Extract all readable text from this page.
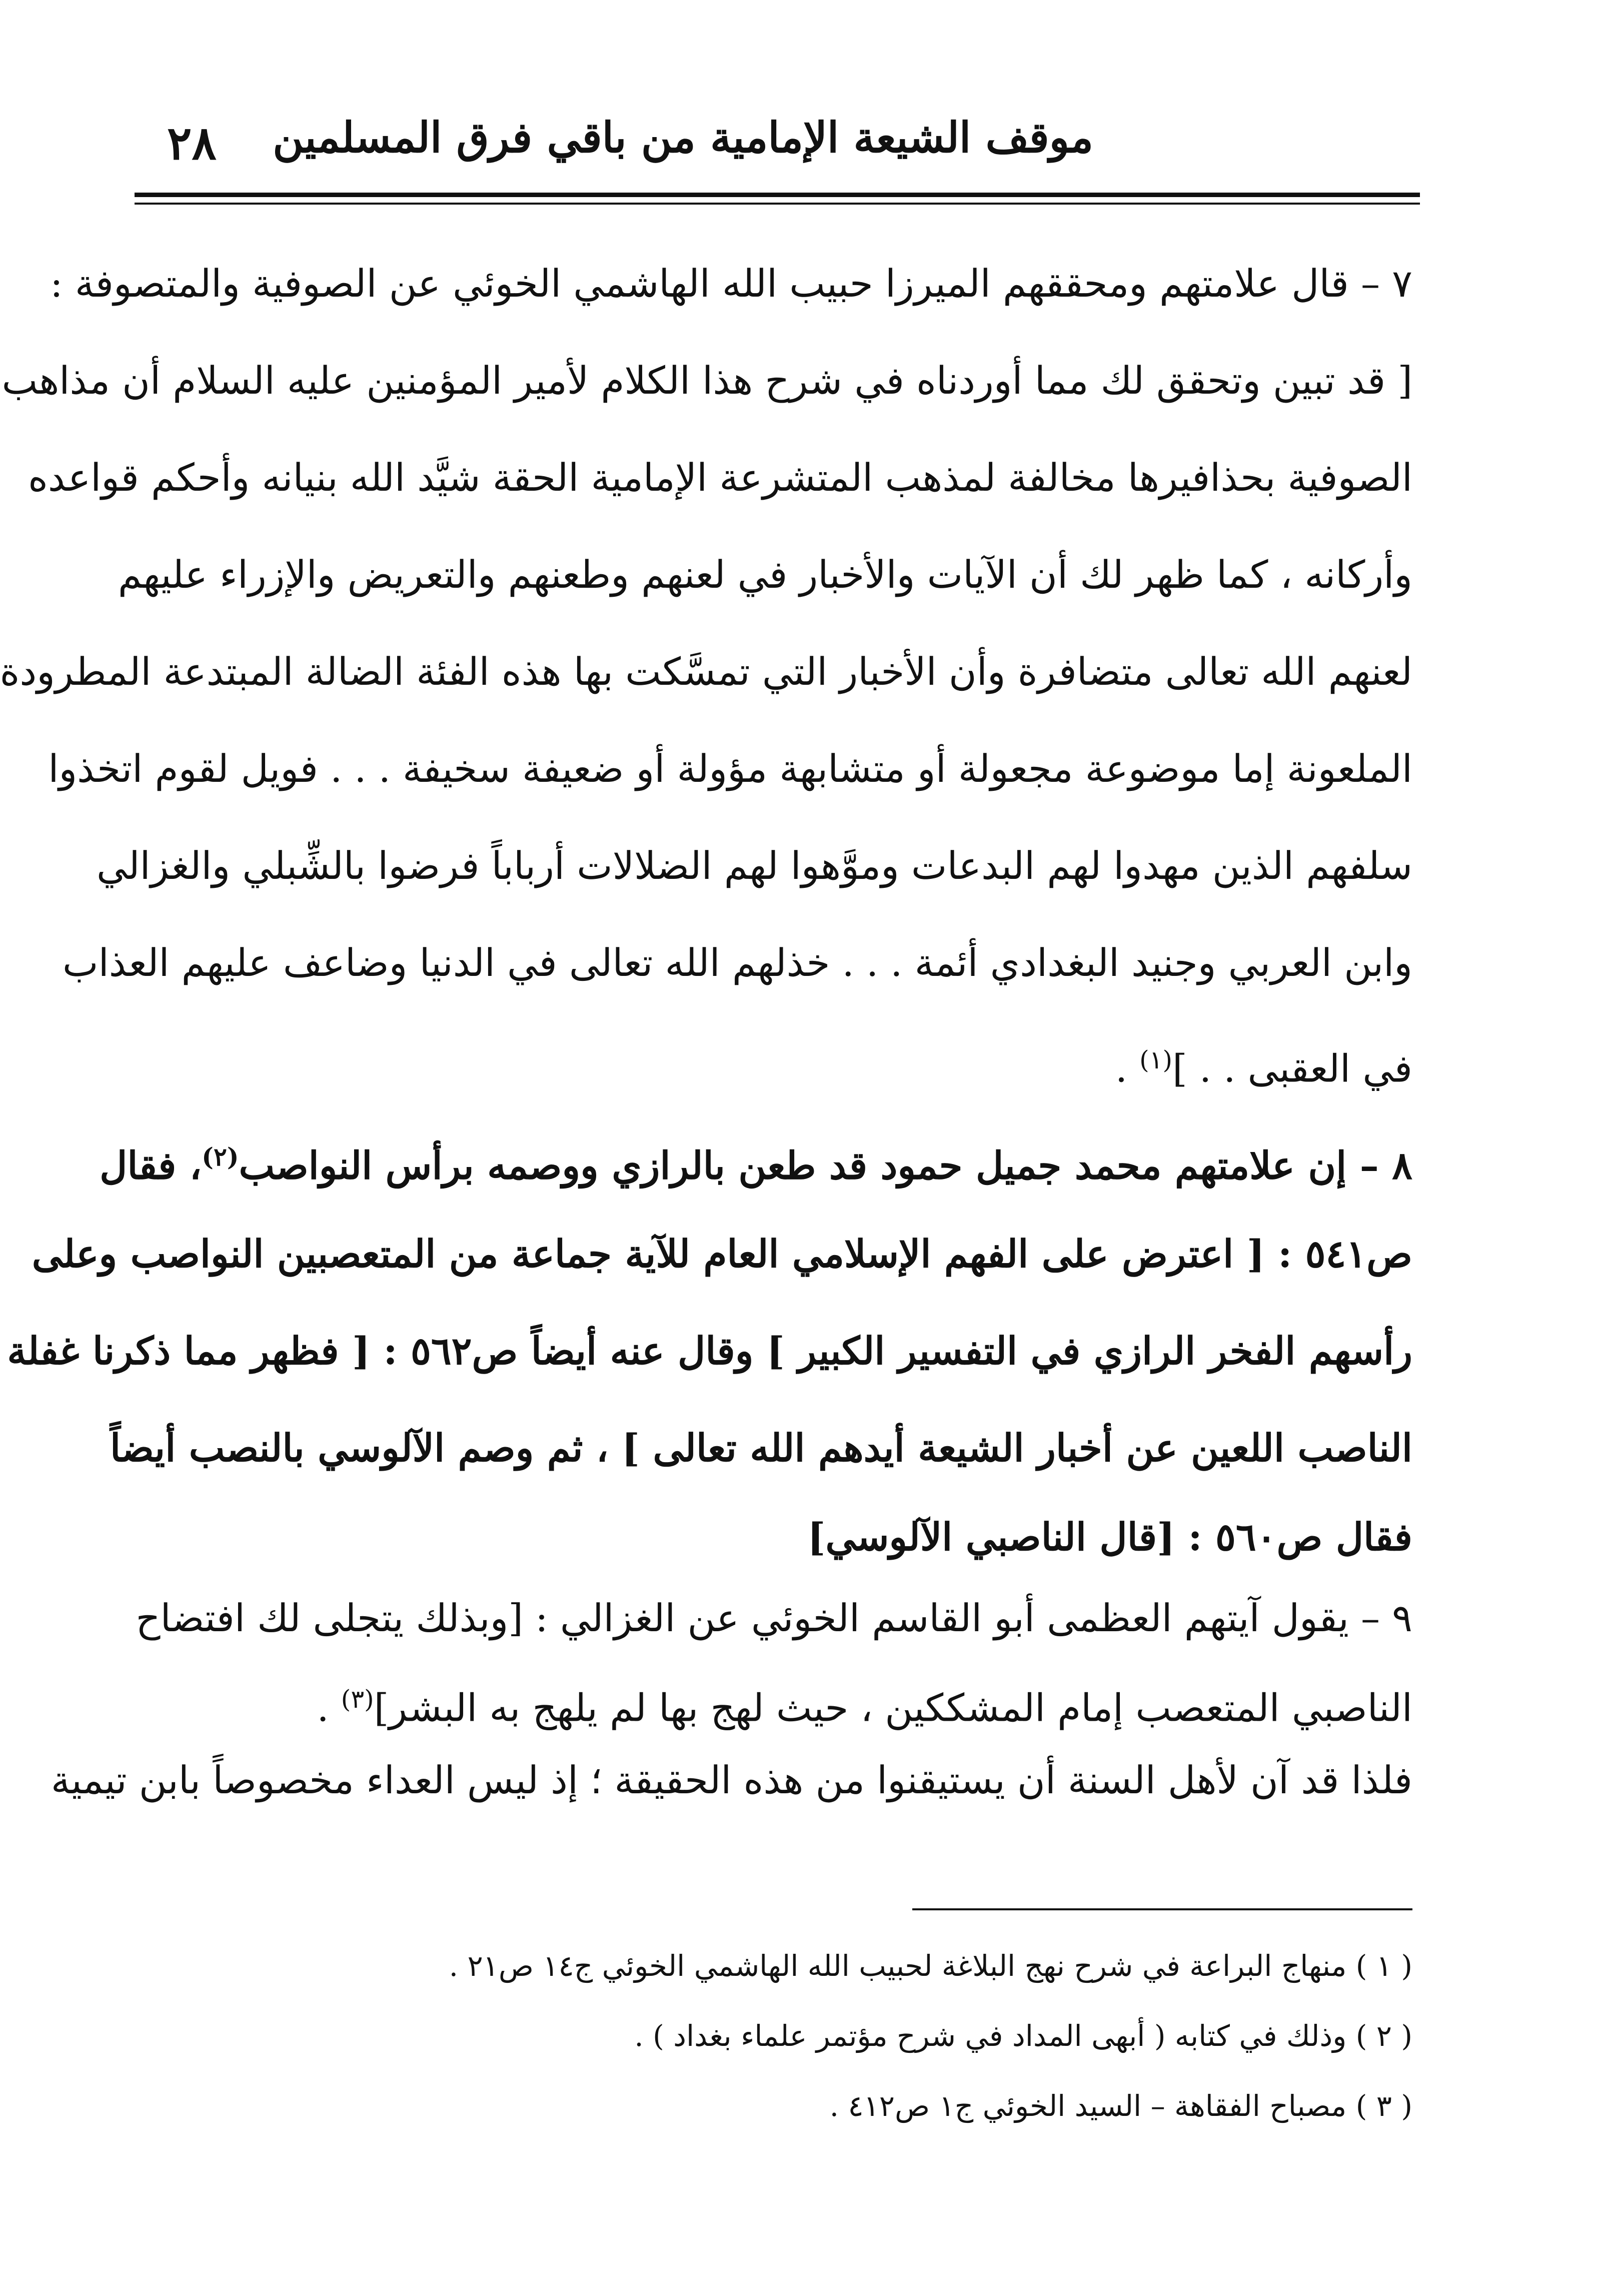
٢٨ موقف الشيعة الإمامية من باقي فرق المسلمين
٧ – قال علامتهم ومحققهم الميرزا حبيب الله الهاشمي الخوئي عن الصوفية والمتصوفة :
[ قد تبين وتحقق لك مما أوردناه في شرح هذا الكلام لأمير المؤمنين عليه السلام أن مذاهب
الصوفية بحذافيرها مخالفة لمذهب المتشرعة الإمامية الحقة شيَّد الله بنيانه وأحكم قواعده
وأركانه ، كما ظهر لك أن الآيات والأخبار في لعنهم وطعنهم والتعريض والإزراء عليهم
لعنهم الله تعالى متضافرة وأن الأخبار التي تمسَّكت بها هذه الفئة الضالة المبتدعة المطرودة
الملعونة إما موضوعة مجعولة أو متشابهة مؤولة أو ضعيفة سخيفة . . . فويل لقوم اتخذوا
سلفهم الذين مهدوا لهم البدعات وموَّهوا لهم الضلالات أرباباً فرضوا بالشِّبلي والغزالي
وابن العربي وجنيد البغدادي أئمة . . . خذلهم الله تعالى في الدنيا وضاعف عليهم العذاب
في العقبى . . ]$^{(١)}$ .
٨ – إن علامتهم محمد جميل حمود قد طعن بالرازي ووصمه برأس النواصب$^{(٢)}$، فقال
ص٥٤١ : [ اعترض على الفهم الإسلامي العام للآية جماعة من المتعصبين النواصب وعلى
رأسهم الفخر الرازي في التفسير الكبير ] وقال عنه أيضاً ص٥٦٢ : [ فظهر مما ذكرنا غفلة
الناصب اللعين عن أخبار الشيعة أيدهم الله تعالى ] ، ثم وصم الآلوسي بالنصب أيضاً
فقال ص٥٦٠ : [قال الناصبي الآلوسي]
٩ – يقول آيتهم العظمى أبو القاسم الخوئي عن الغزالي : [وبذلك يتجلى لك افتضاح
الناصبي المتعصب إمام المشككين ، حيث لهج بها لم يلهج به البشر]$^{(٣)}$ .
فلذا قد آن لأهل السنة أن يستيقنوا من هذه الحقيقة ؛ إذ ليس العداء مخصوصاً بابن تيمية
( ١ ) منهاج البراعة في شرح نهج البلاغة لحبيب الله الهاشمي الخوئي ج١٤ ص٢١ .
( ٢ ) وذلك في كتابه ( أبهى المداد في شرح مؤتمر علماء بغداد ) .
( ٣ ) مصباح الفقاهة – السيد الخوئي ج١ ص٤١٢ .
